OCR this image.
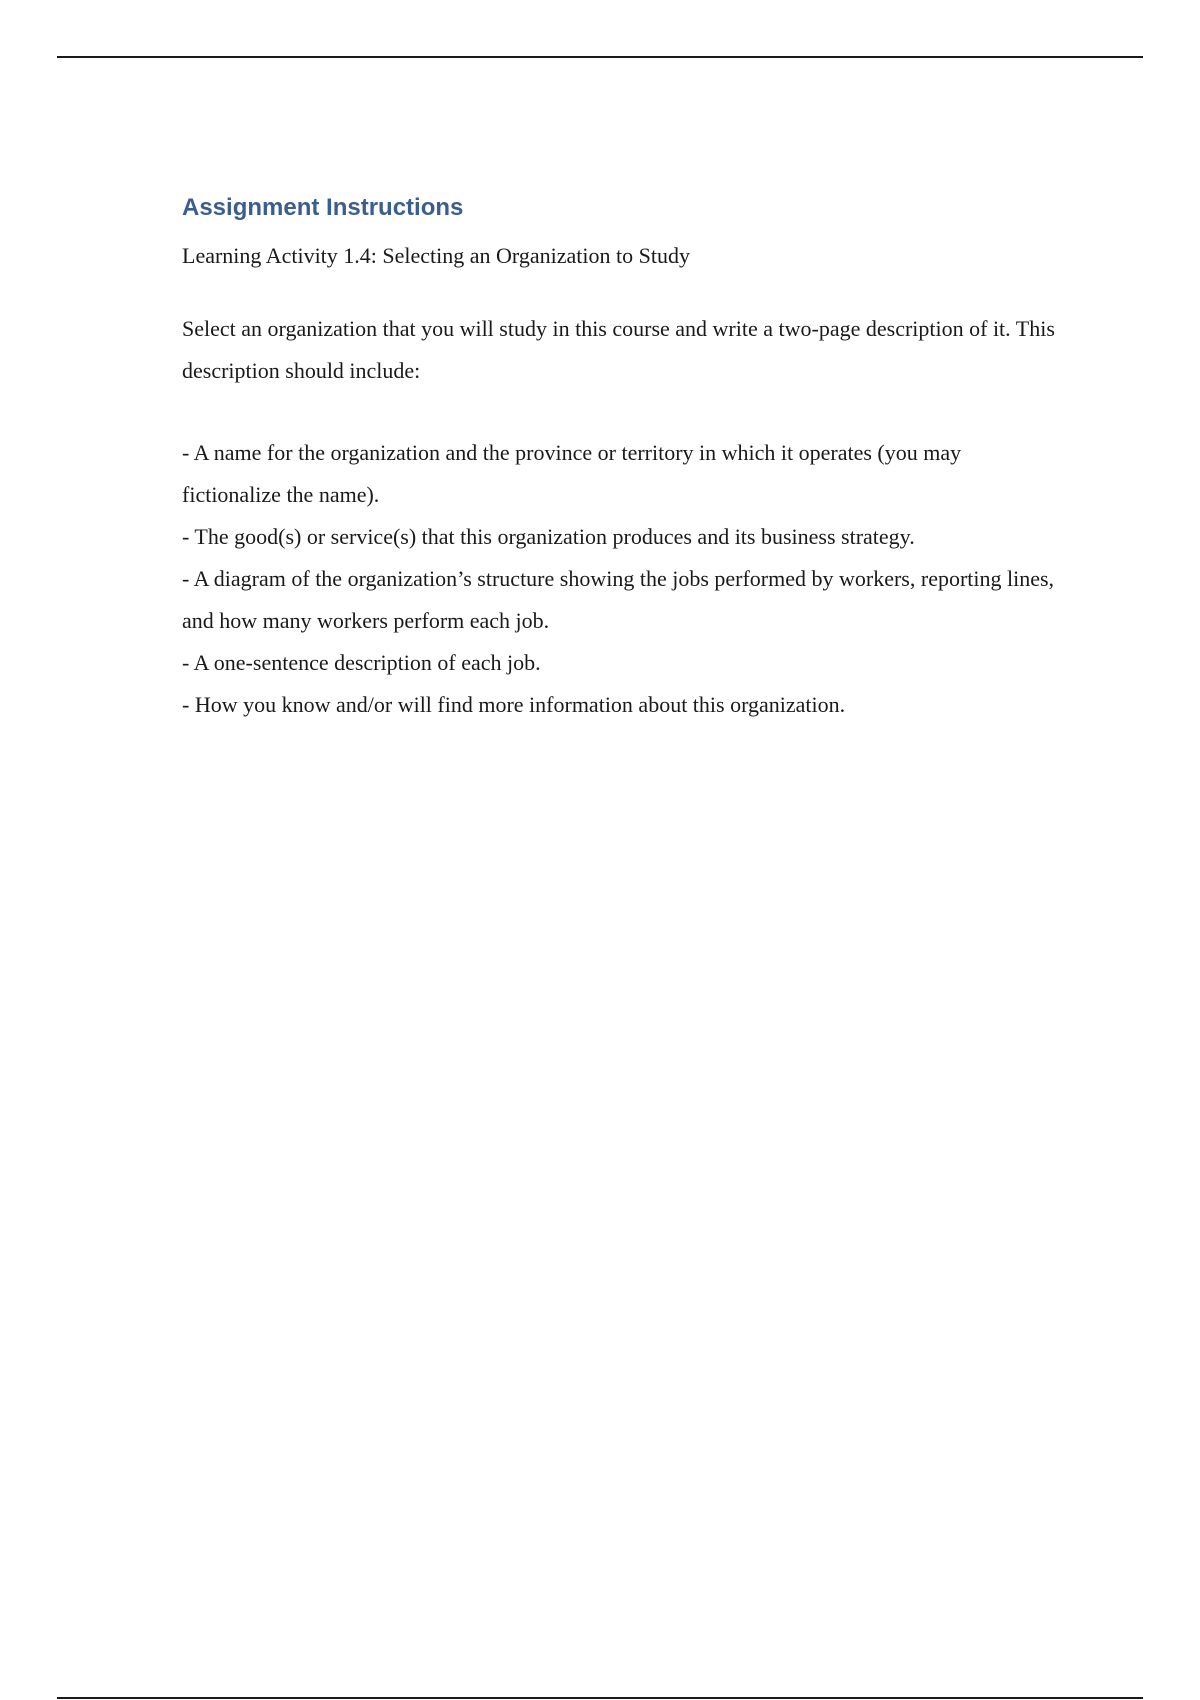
Assignment Instructions

Learning Activity 1.4: Selecting an Organization to Study

Select an organization that you will study in this course and write a two-page description of it. This description should include:

- A name for the organization and the province or territory in which it operates (you may fictionalize the name).
- The good(s) or service(s) that this organization produces and its business strategy.
- A diagram of the organization’s structure showing the jobs performed by workers, reporting lines, and how many workers perform each job.
- A one-sentence description of each job.
- How you know and/or will find more information about this organization.
